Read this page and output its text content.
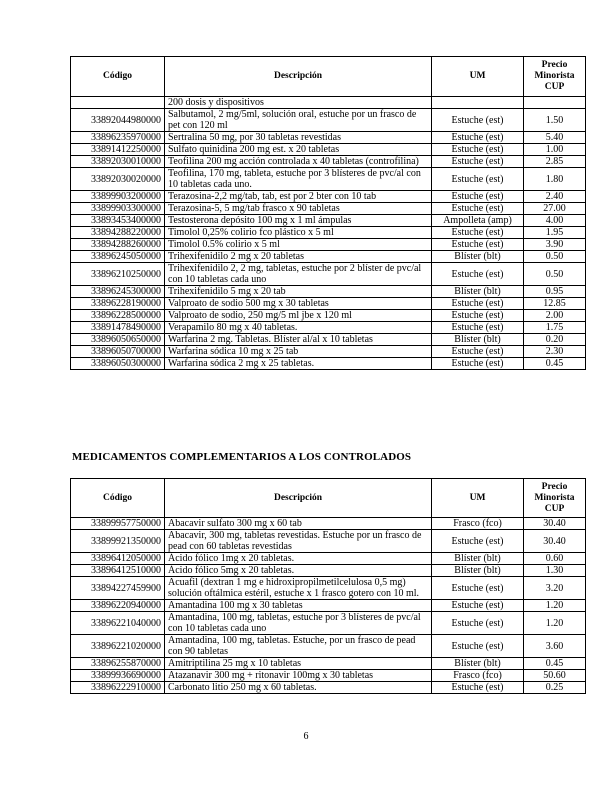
Código	Descripción	UM	Precio Minorista CUP
	200 dosis y dispositivos		
33892044980000	Salbutamol, 2 mg/5ml, solución oral, estuche por un frasco de pet con 120 ml	Estuche (est)	1.50
33896235970000	Sertralina 50 mg, por 30 tabletas revestidas	Estuche (est)	5.40
33891412250000	Sulfato quinidina 200 mg est. x 20 tabletas	Estuche (est)	1.00
33892030010000	Teofilina 200 mg acción controlada x 40 tabletas (controfilina)	Estuche (est)	2.85
33892030020000	Teofilina, 170 mg, tableta, estuche por 3 blísteres de pvc/al con 10 tabletas cada uno.	Estuche (est)	1.80
33899903200000	Terazosina-2,2 mg/tab, tab, est por 2 bter con 10 tab	Estuche (est)	2.40
33899903300000	Terazosina-5, 5 mg/tab frasco x 90 tabletas	Estuche (est)	27.00
33893453400000	Testosterona depósito 100 mg x 1 ml ámpulas	Ampolleta (amp)	4.00
33894288220000	Timolol 0,25% colirio fco plástico x 5 ml	Estuche (est)	1.95
33894288260000	Timolol 0.5% colirio x 5 ml	Estuche (est)	3.90
33896245050000	Trihexifenidilo 2 mg x 20 tabletas	Blíster (blt)	0.50
33896210250000	Trihexifenidilo 2, 2 mg, tabletas, estuche por 2 blíster de pvc/al con 10 tabletas cada uno	Estuche (est)	0.50
33896245300000	Trihexifenidilo 5 mg x 20 tab	Blíster (blt)	0.95
33896228190000	Valproato de sodio 500 mg x 30 tabletas	Estuche (est)	12.85
33896228500000	Valproato de sodio, 250 mg/5 ml jbe x 120 ml	Estuche (est)	2.00
33891478490000	Verapamilo 80 mg x 40 tabletas.	Estuche (est)	1.75
33896050650000	Warfarina 2 mg. Tabletas. Blíster al/al x 10 tabletas	Blíster (blt)	0.20
33896050700000	Warfarina sódica 10 mg x 25 tab	Estuche (est)	2.30
33896050300000	Warfarina sódica 2 mg x 25 tabletas.	Estuche (est)	0.45
MEDICAMENTOS COMPLEMENTARIOS A LOS CONTROLADOS
Código	Descripción	UM	Precio Minorista CUP
33899957750000	Abacavir sulfato 300 mg x 60 tab	Frasco (fco)	30.40
33899921350000	Abacavir, 300 mg, tabletas revestidas. Estuche por un frasco de pead con 60 tabletas revestidas	Estuche (est)	30.40
33896412050000	Ácido fólico 1mg x 20 tabletas.	Blíster (blt)	0.60
33896412510000	Ácido fólico 5mg x 20 tabletas.	Blíster (blt)	1.30
33894227459900	Acuafil (dextran 1 mg e hidroxipropilmetilcelulosa 0,5 mg) solución oftálmica estéril, estuche x 1 frasco gotero con 10 ml.	Estuche (est)	3.20
33896220940000	Amantadina 100 mg x 30 tabletas	Estuche (est)	1.20
33896221040000	Amantadina, 100 mg, tabletas, estuche por 3 blísteres de pvc/al con 10 tabletas cada uno	Estuche (est)	1.20
33896221020000	Amantadina, 100 mg, tabletas. Estuche, por un frasco de pead con 90 tabletas	Estuche (est)	3.60
33896255870000	Amitriptilina 25 mg x 10 tabletas	Blíster (blt)	0.45
33899936690000	Atazanavir 300 mg + ritonavir 100mg x 30 tabletas	Frasco (fco)	50.60
33896222910000	Carbonato litio 250 mg x 60 tabletas.	Estuche (est)	0.25
6
